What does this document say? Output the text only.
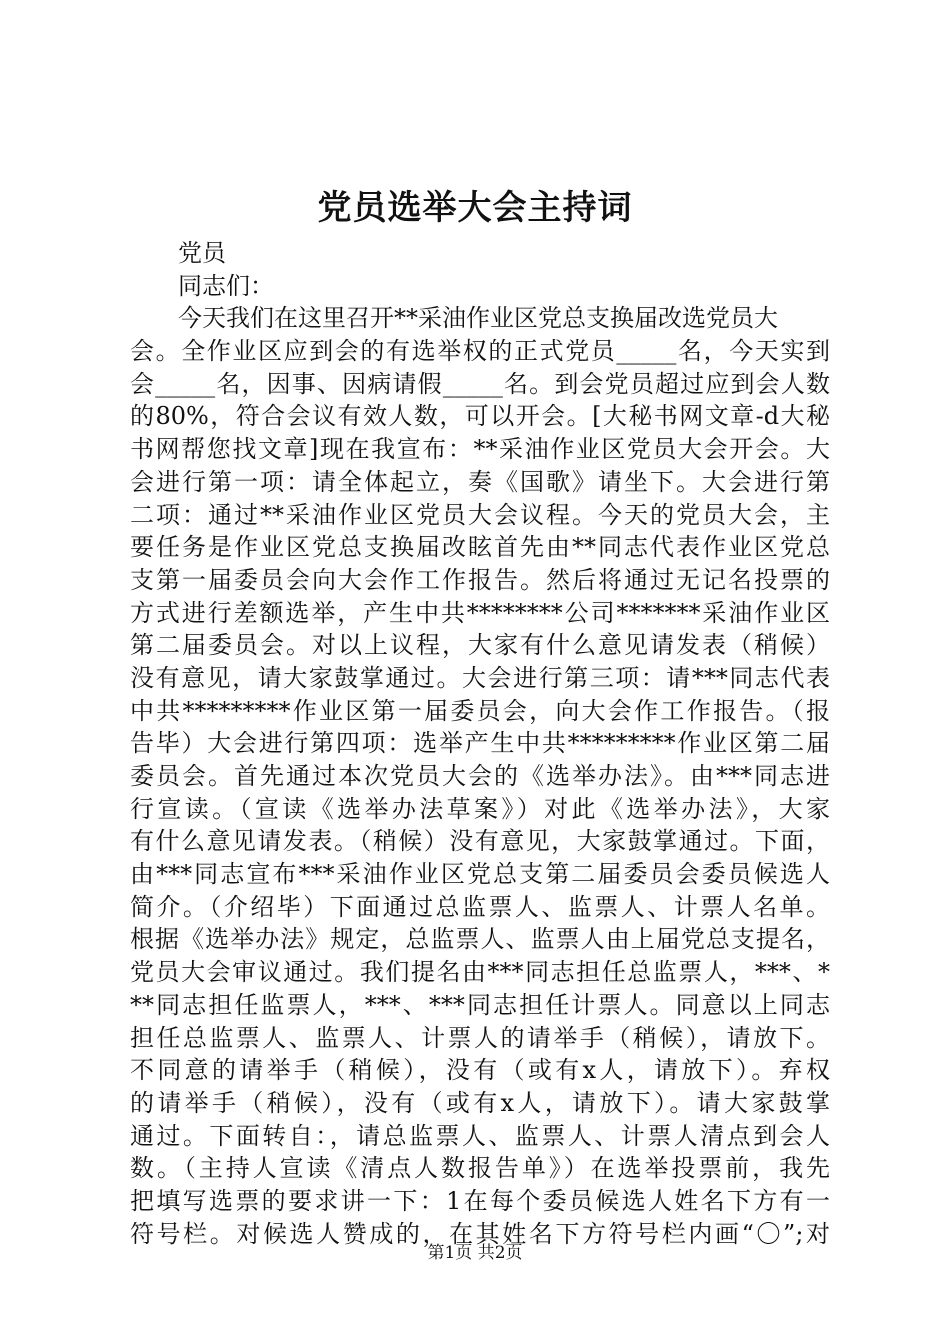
党员选举大会主持词
党员
同志们：
今天我们在这里召开**采油作业区党总支换届改选党员大
会。全作业区应到会的有选举权的正式党员_____名，今天实到
会_____名，因事、因病请假_____名。到会党员超过应到会人数
的80%，符合会议有效人数，可以开会。[大秘书网文章-d大秘
书网帮您找文章]现在我宣布：**采油作业区党员大会开会。大
会进行第一项：请全体起立，奏《国歌》请坐下。大会进行第
二项：通过**采油作业区党员大会议程。今天的党员大会，主
要任务是作业区党总支换届改眩首先由**同志代表作业区党总
支第一届委员会向大会作工作报告。然后将通过无记名投票的
方式进行差额选举，产生中共********公司*******采油作业区
第二届委员会。对以上议程，大家有什么意见请发表（稍候）
没有意见，请大家鼓掌通过。大会进行第三项：请***同志代表
中共*********作业区第一届委员会，向大会作工作报告。（报
告毕）大会进行第四项：选举产生中共*********作业区第二届
委员会。首先通过本次党员大会的《选举办法》。由***同志进
行宣读。（宣读《选举办法草案》）对此《选举办法》，大家
有什么意见请发表。（稍候）没有意见，大家鼓掌通过。下面，
由***同志宣布***采油作业区党总支第二届委员会委员候选人
简介。（介绍毕）下面通过总监票人、监票人、计票人名单。
根据《选举办法》规定，总监票人、监票人由上届党总支提名，
党员大会审议通过。我们提名由***同志担任总监票人，***、*
**同志担任监票人，***、***同志担任计票人。同意以上同志
担任总监票人、监票人、计票人的请举手（稍候），请放下。
不同意的请举手（稍候），没有（或有x人，请放下）。弃权
的请举手（稍候），没有（或有x人，请放下）。请大家鼓掌
通过。下面转自：，请总监票人、监票人、计票人清点到会人
数。（主持人宣读《清点人数报告单》）在选举投票前，我先
把填写选票的要求讲一下：1在每个委员候选人姓名下方有一
符号栏。对候选人赞成的，在其姓名下方符号栏内画“〇”;对
第1页 共2页
